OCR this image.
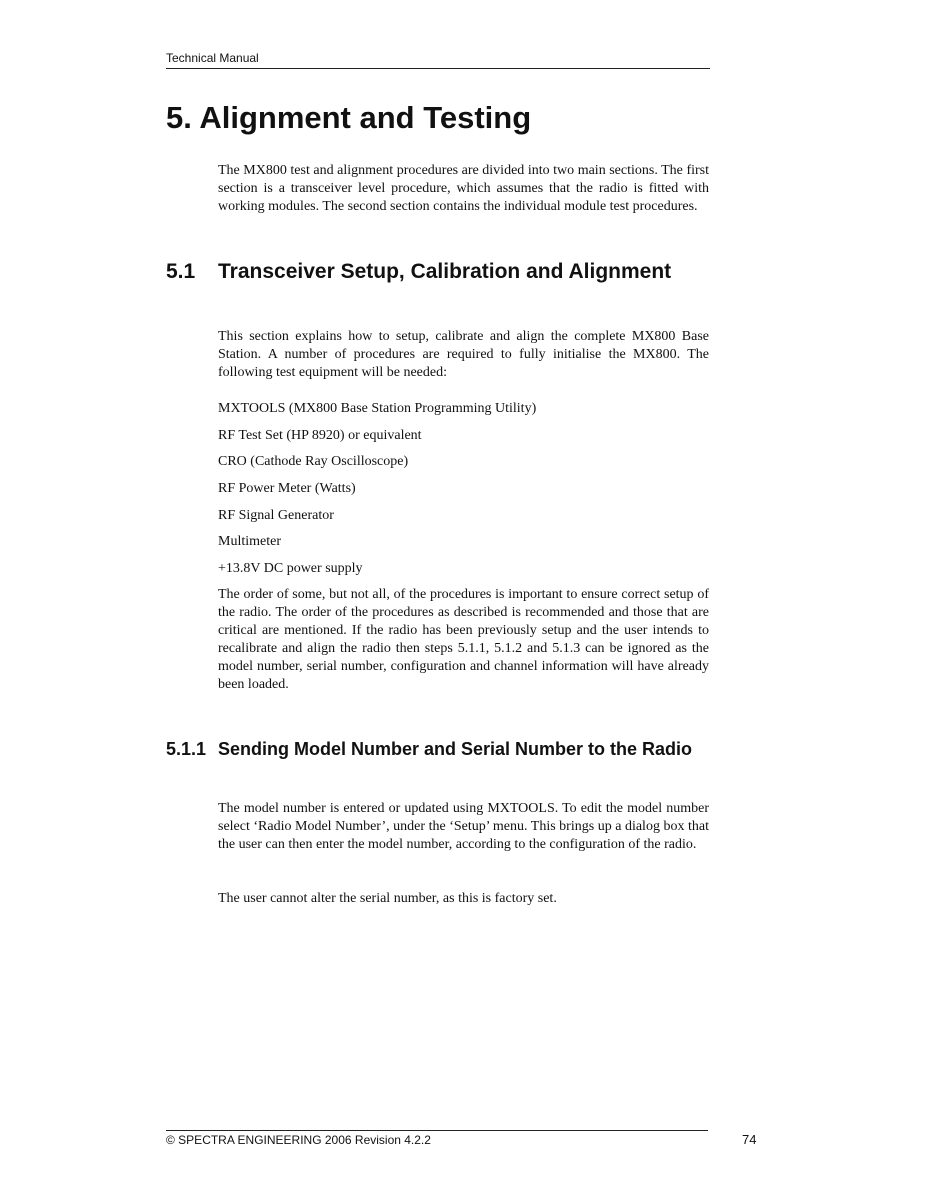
Technical Manual
5. Alignment and Testing

The MX800 test and alignment procedures are divided into two main sections. The first section is a transceiver level procedure, which assumes that the radio is fitted with working modules. The second section contains the individual module test procedures.

5.1 Transceiver Setup, Calibration and Alignment

This section explains how to setup, calibrate and align the complete MX800 Base Station. A number of procedures are required to fully initialise the MX800. The following test equipment will be needed:

MXTOOLS (MX800 Base Station Programming Utility)
RF Test Set (HP 8920) or equivalent
CRO (Cathode Ray Oscilloscope)
RF Power Meter (Watts)
RF Signal Generator
Multimeter
+13.8V DC power supply

The order of some, but not all, of the procedures is important to ensure correct setup of the radio. The order of the procedures as described is recommended and those that are critical are mentioned. If the radio has been previously setup and the user intends to recalibrate and align the radio then steps 5.1.1, 5.1.2 and 5.1.3 can be ignored as the model number, serial number, configuration and channel information will have already been loaded.

5.1.1 Sending Model Number and Serial Number to the Radio

The model number is entered or updated using MXTOOLS. To edit the model number select ‘Radio Model Number’, under the ‘Setup’ menu. This brings up a dialog box that the user can then enter the model number, according to the configuration of the radio.

The user cannot alter the serial number, as this is factory set.

© SPECTRA ENGINEERING 2006 Revision 4.2.2	74
